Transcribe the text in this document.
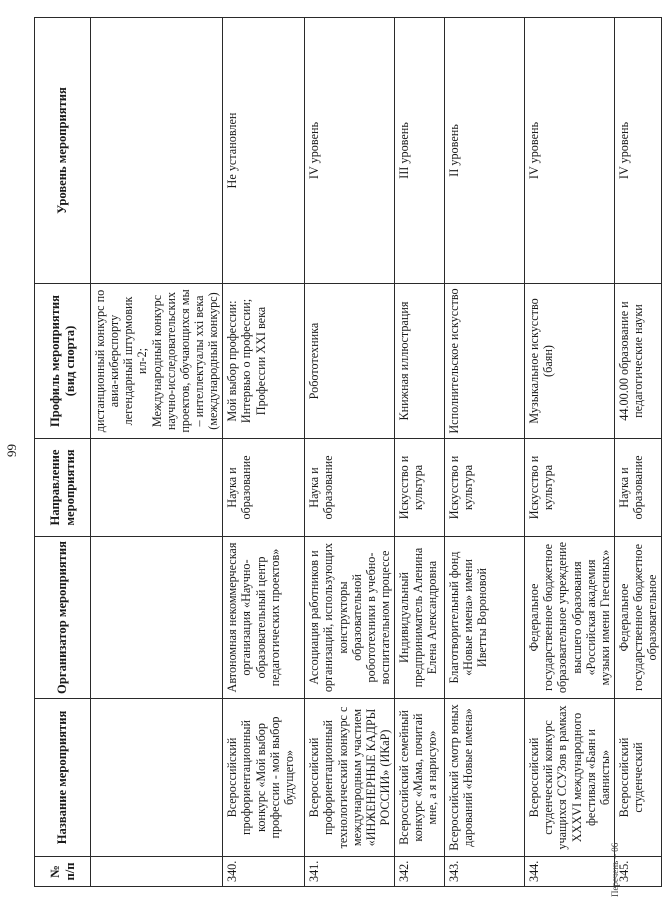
99
№ п/п	Название мероприятия	Организатор мероприятия	Направление мероприятия	Профиль мероприятия (вид спорта)	Уровень мероприятия

				дистанционный конкурс по авиа-киберспорту легендарный штурмовик ил-2; Международный конкурс научно-исследовательских проектов, обучающихся мы – интеллектуалы xxi века (международный конкурс)	

340.	Всероссийский профориентационный конкурс «Мой выбор профессии - мой выбор будущего»	Автономная некоммерческая организация «Научно-образовательный центр педагогических проектов»	Наука и образование	Мой выбор профессии: Интервью о профессии; Профессии XXI века	Не установлен
341.	Всероссийский профориентационный технологический конкурс с международным участием «ИНЖЕНЕРНЫЕ КАДРЫ РОССИИ» (ИКаР)	Ассоциация работников и организаций, использующих конструкторы образовательной робототехники в учебно-воспитательном процессе	Наука и образование	Робототехника	IV уровень
342.	Всероссийский семейный конкурс «Мама, почитай мне, а я нарисую»	Индивидуальный предприниматель Аленина Елена Александровна	Искусство и культура	Книжная иллюстрация	III уровень
343.	Всероссийский смотр юных дарований «Новые имена»	Благотворительный фонд «Новые имена» имени Иветты Вороновой	Искусство и культура	Исполнительское искусство	II уровень
344.	Всероссийский студенческий конкурс учащихся ССУЗов в рамках XXXVI международного фестиваля «Баян и баянисты»	Федеральное государственное бюджетное образовательное учреждение высшего образования «Российская академия музыки имени Гнесиных»	Искусство и культура	Музыкальное искусство (баян)	IV уровень
345.	Всероссийский студенческий	Федеральное государственное бюджетное образовательное	Наука и образование	44.00.00 образование и педагогические науки	IV уровень
Перечень – 06
